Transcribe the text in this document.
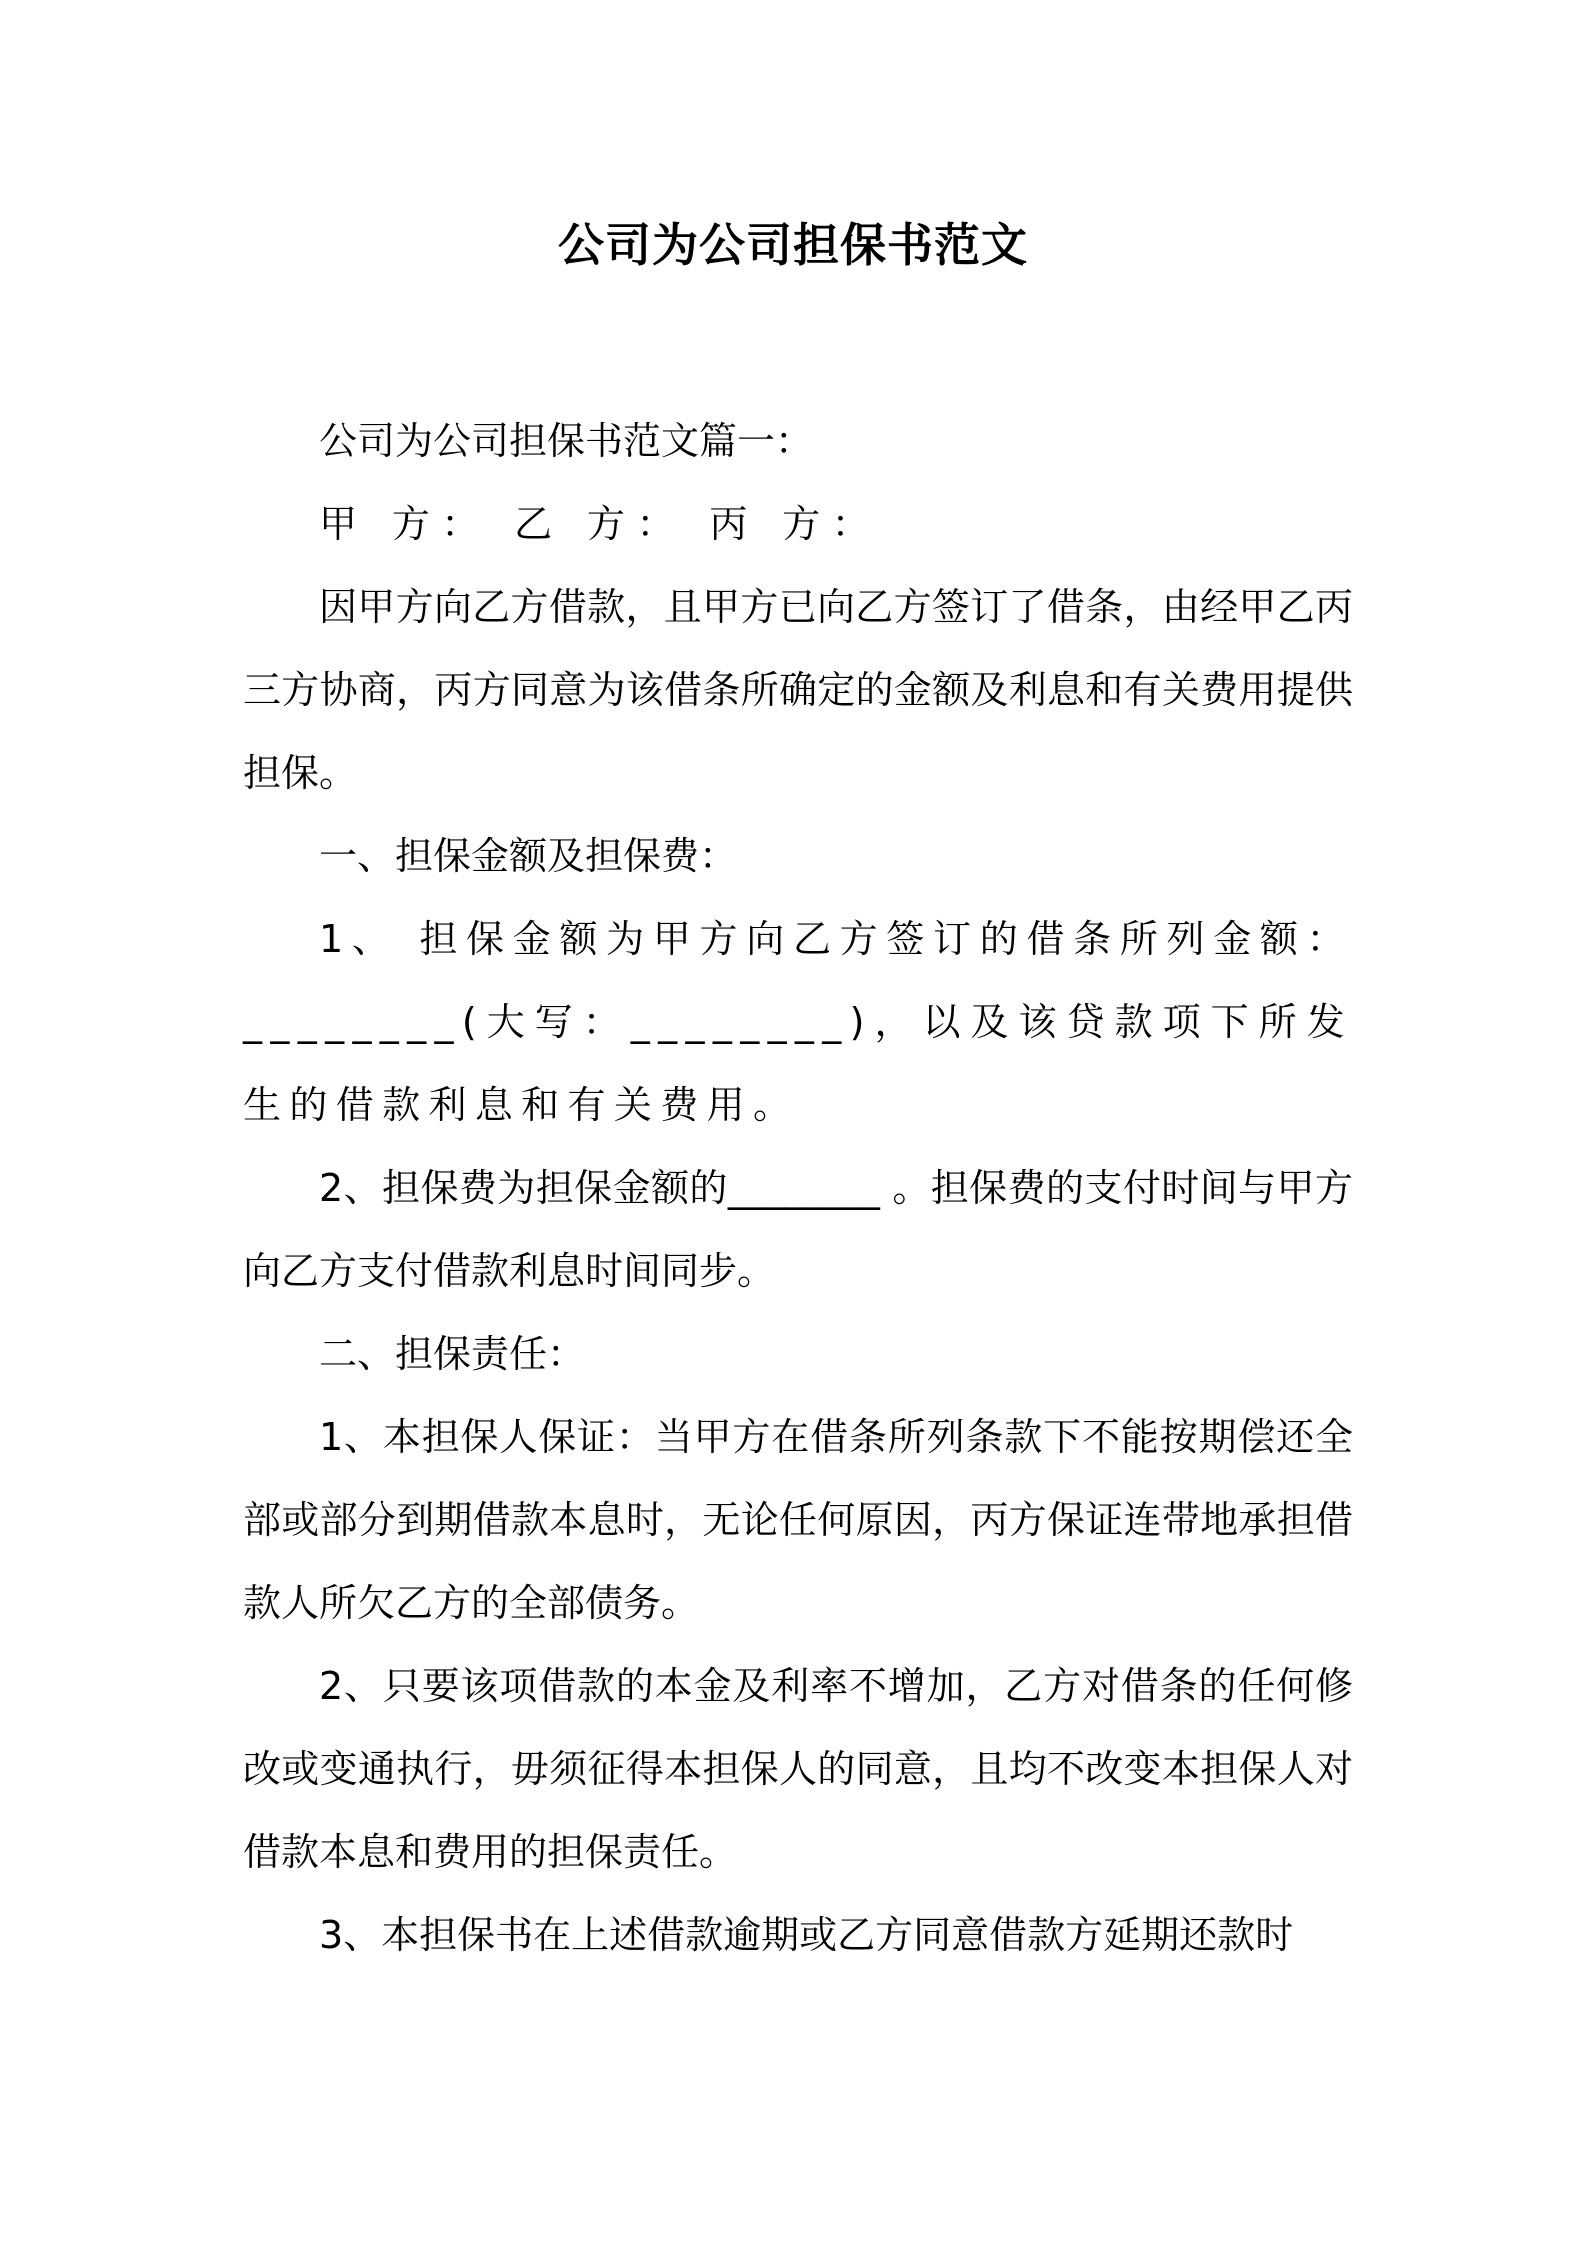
公司为公司担保书范文

公司为公司担保书范文篇一：

甲 方： 乙 方： 丙 方：

因甲方向乙方借款，且甲方已向乙方签订了借条，由经甲乙丙三方协商，丙方同意为该借条所确定的金额及利息和有关费用提供担保。

一、担保金额及担保费：

1、 担保金额为甲方向乙方签订的借条所列金额：________(大写：________)，以及该贷款项下所发生的借款利息和有关费用。

2、担保费为担保金额的________ 。担保费的支付时间与甲方向乙方支付借款利息时间同步。

二、担保责任：

1、本担保人保证：当甲方在借条所列条款下不能按期偿还全部或部分到期借款本息时，无论任何原因，丙方保证连带地承担借款人所欠乙方的全部债务。

2、只要该项借款的本金及利率不增加，乙方对借条的任何修改或变通执行，毋须征得本担保人的同意，且均不改变本担保人对借款本息和费用的担保责任。

3、本担保书在上述借款逾期或乙方同意借款方延期还款时
